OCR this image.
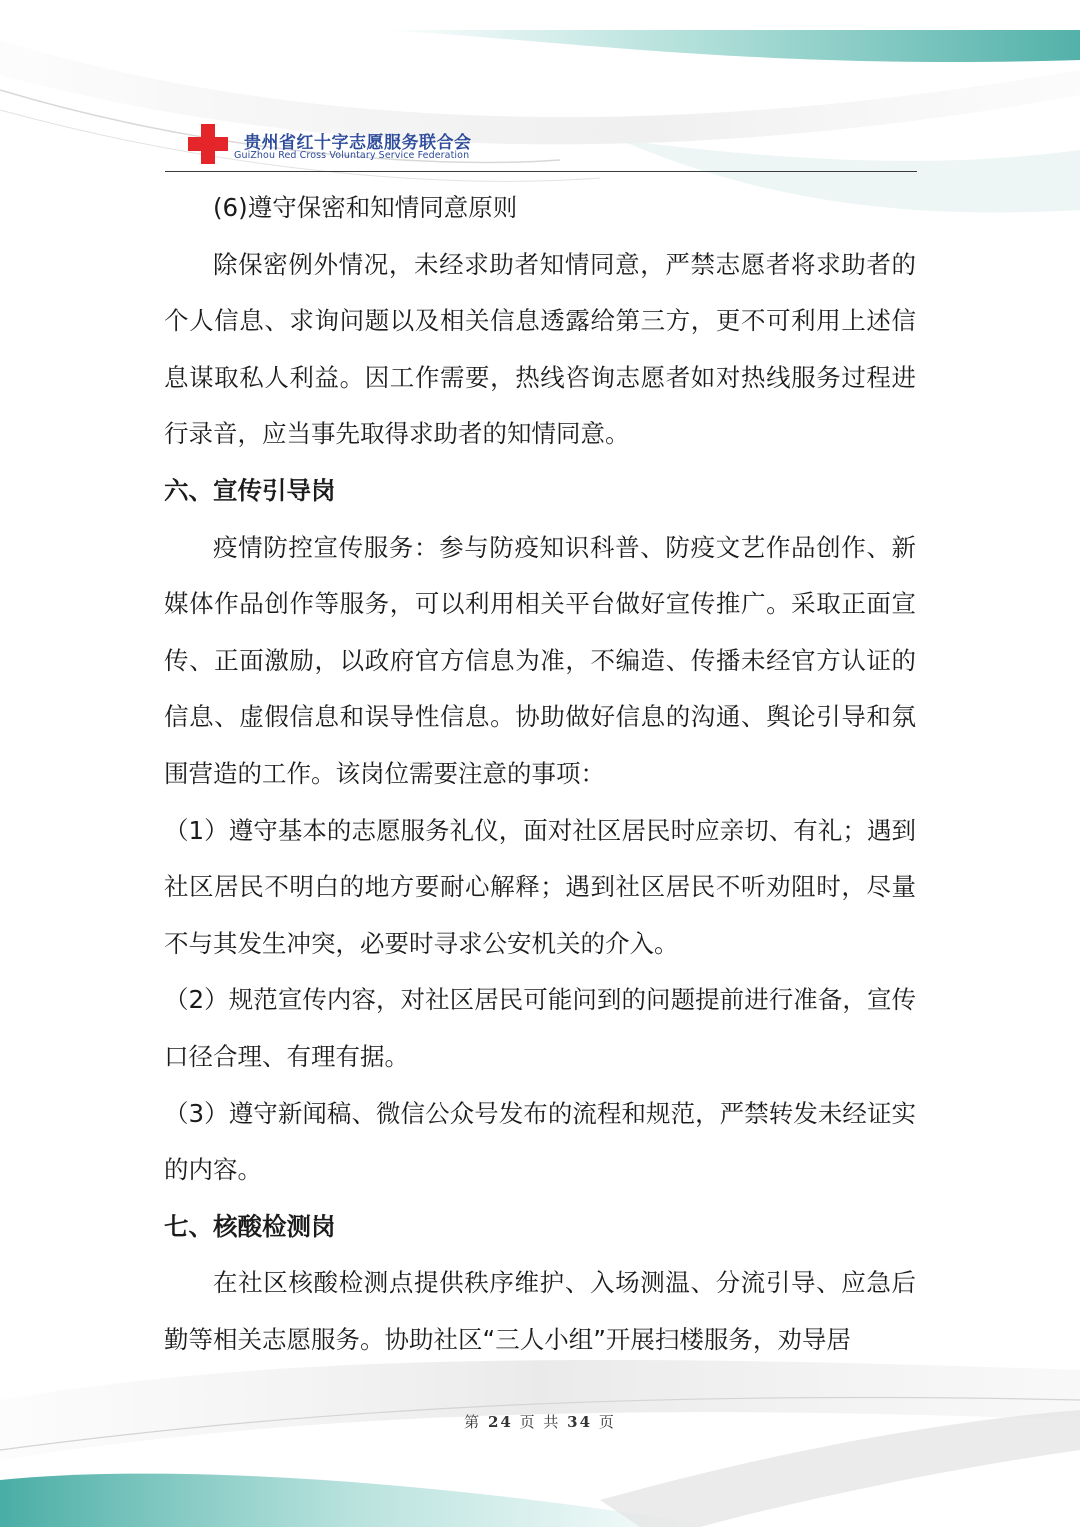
贵州省红十字志愿服务联合会
GuiZhou Red Cross Voluntary Service Federation

(6)遵守保密和知情同意原则

除保密例外情况，未经求助者知情同意，严禁志愿者将求助者的个人信息、求询问题以及相关信息透露给第三方，更不可利用上述信息谋取私人利益。因工作需要，热线咨询志愿者如对热线服务过程进行录音，应当事先取得求助者的知情同意。

六、宣传引导岗

疫情防控宣传服务：参与防疫知识科普、防疫文艺作品创作、新媒体作品创作等服务，可以利用相关平台做好宣传推广。采取正面宣传、正面激励，以政府官方信息为准，不编造、传播未经官方认证的信息、虚假信息和误导性信息。协助做好信息的沟通、舆论引导和氛围营造的工作。该岗位需要注意的事项：

（1）遵守基本的志愿服务礼仪，面对社区居民时应亲切、有礼；遇到社区居民不明白的地方要耐心解释；遇到社区居民不听劝阻时，尽量不与其发生冲突，必要时寻求公安机关的介入。

（2）规范宣传内容，对社区居民可能问到的问题提前进行准备，宣传口径合理、有理有据。

（3）遵守新闻稿、微信公众号发布的流程和规范，严禁转发未经证实的内容。

七、核酸检测岗

在社区核酸检测点提供秩序维护、入场测温、分流引导、应急后勤等相关志愿服务。协助社区“三人小组”开展扫楼服务，劝导居

第 24 页 共 34 页
